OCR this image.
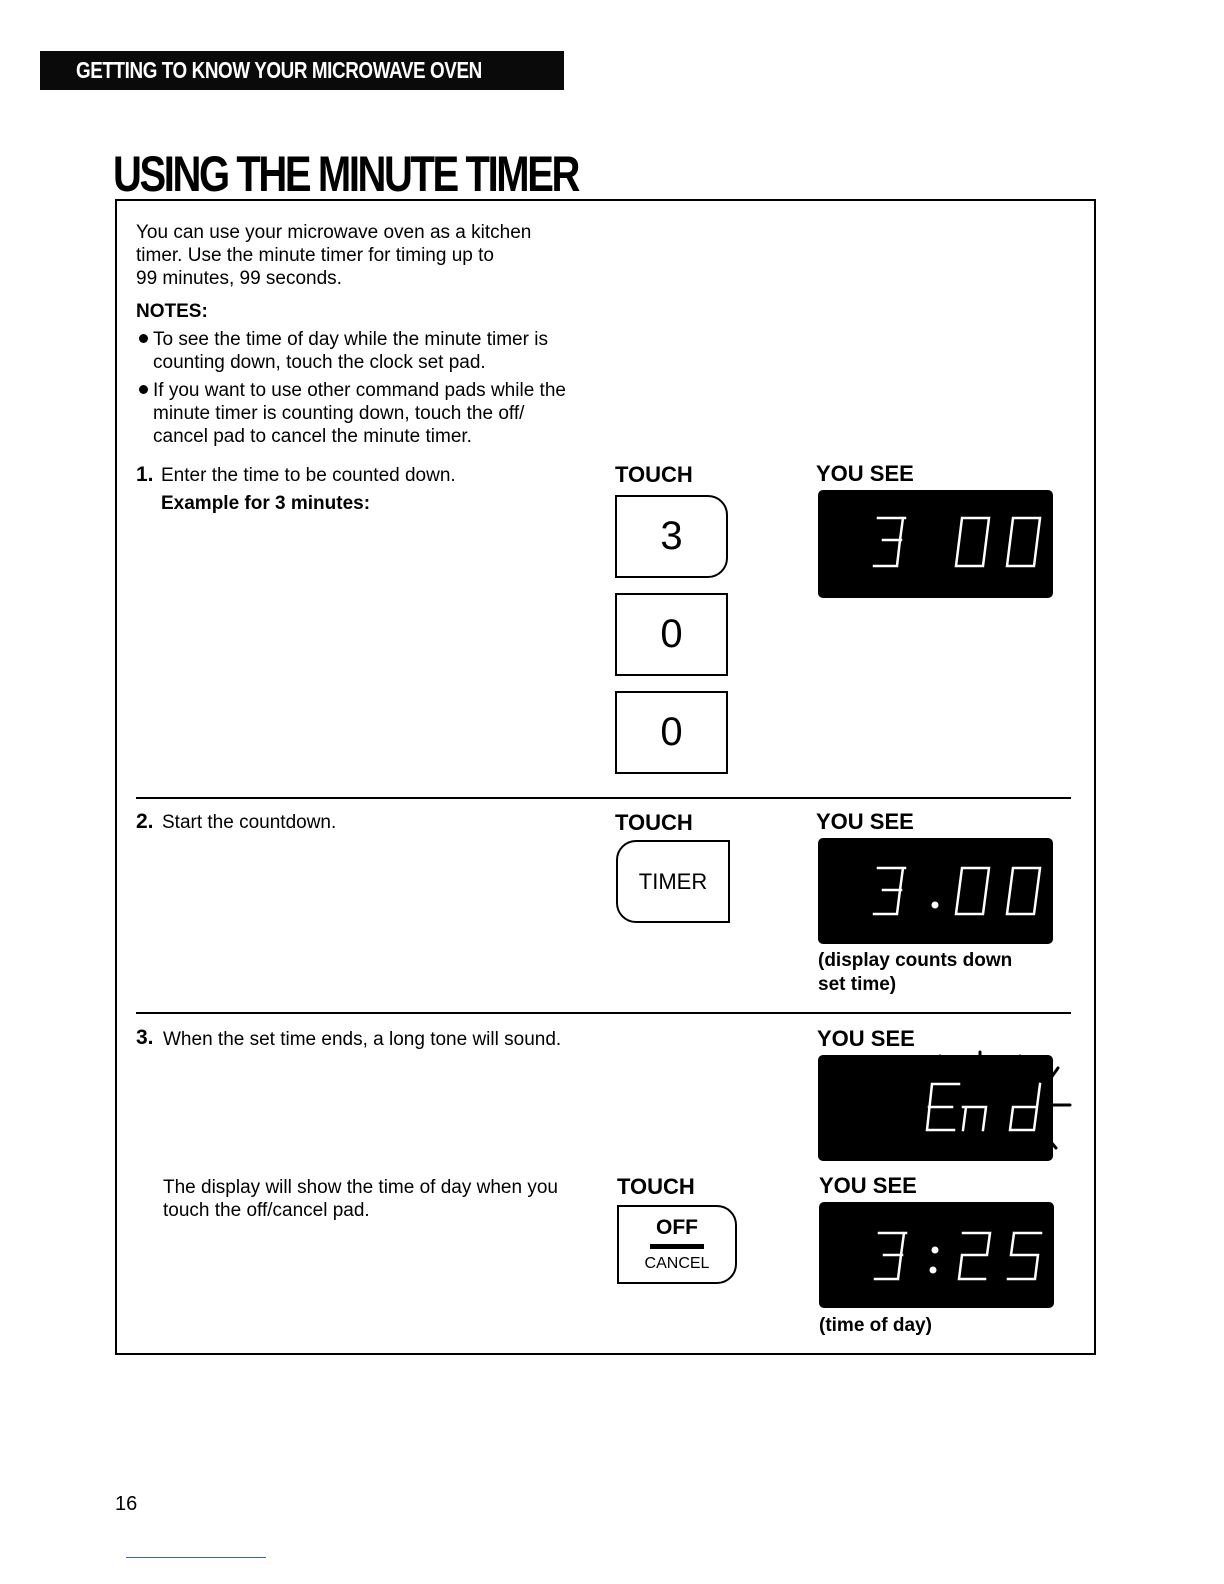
GETTING TO KNOW YOUR MICROWAVE OVEN
USING THE MINUTE TIMER
You can use your microwave oven as a kitchen
timer. Use the minute timer for timing up to
99 minutes, 99 seconds.
NOTES:
To see the time of day while the minute timer is
counting down, touch the clock set pad.
If you want to use other command pads while the
minute timer is counting down, touch the off/
cancel pad to cancel the minute timer.
1. Enter the time to be counted down.
Example for 3 minutes:
TOUCH	YOU SEE
3
0
0
2. Start the countdown.	TOUCH	YOU SEE
TIMER
(display counts down
set time)
3. When the set time ends, a long tone will sound.	YOU SEE
The display will show the time of day when you
touch the off/cancel pad.
TOUCH	YOU SEE
OFF
CANCEL
(time of day)
16
